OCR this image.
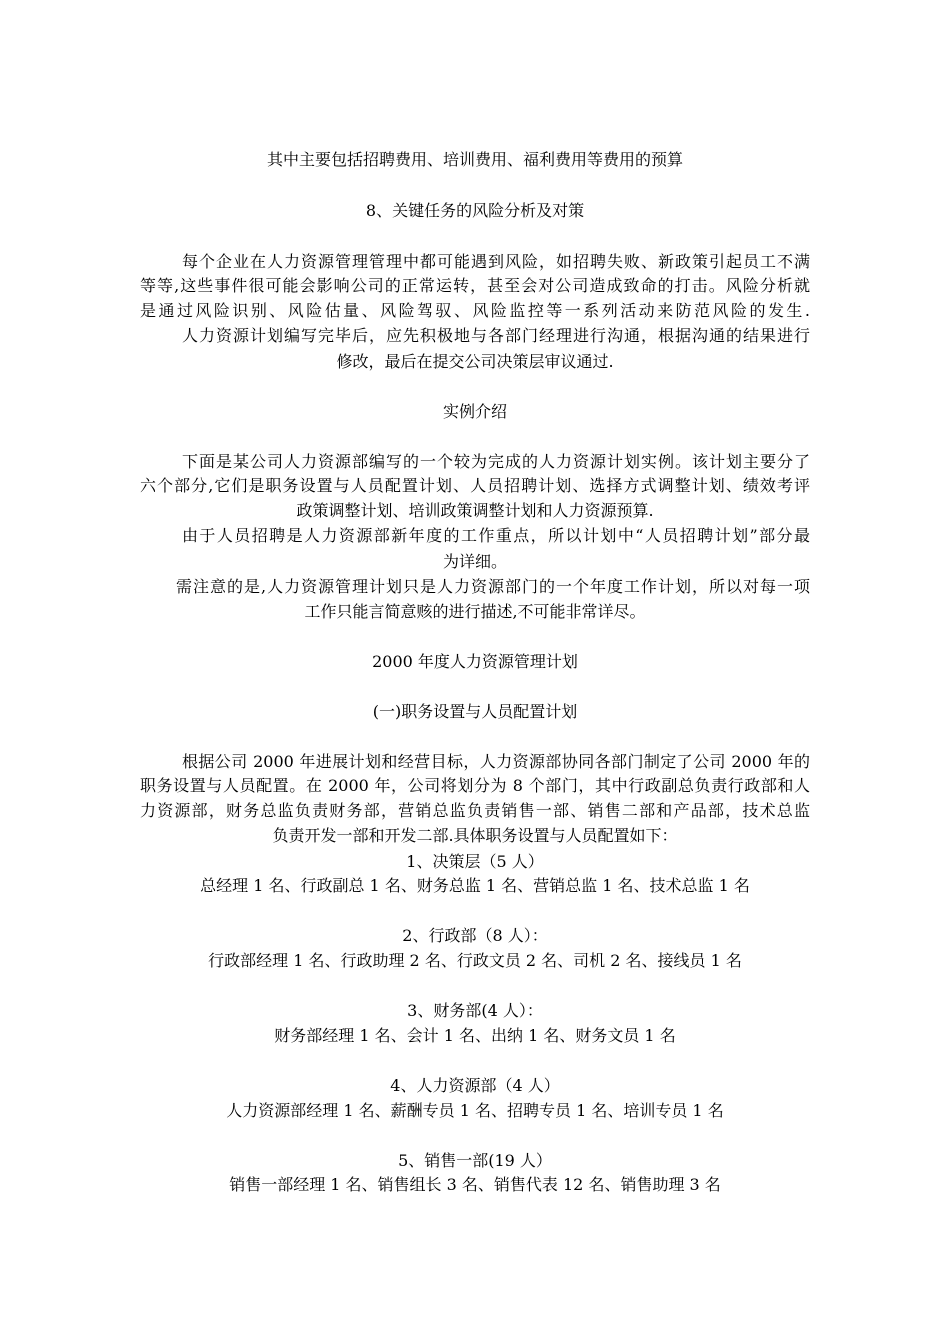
其中主要包括招聘费用、培训费用、福利费用等费用的预算
8、关键任务的风险分析及对策
每个企业在人力资源管理管理中都可能遇到风险，如招聘失败、新政策引起员工不满
等等,这些事件很可能会影响公司的正常运转，甚至会对公司造成致命的打击。风险分析就
是通过风险识别、风险估量、风险驾驭、风险监控等一系列活动来防范风险的发生.
人力资源计划编写完毕后，应先积极地与各部门经理进行沟通，根据沟通的结果进行
修改，最后在提交公司决策层审议通过.
实例介绍
下面是某公司人力资源部编写的一个较为完成的人力资源计划实例。该计划主要分了
六个部分,它们是职务设置与人员配置计划、人员招聘计划、选择方式调整计划、绩效考评
政策调整计划、培训政策调整计划和人力资源预算.
由于人员招聘是人力资源部新年度的工作重点，所以计划中“人员招聘计划”部分最
为详细。
需注意的是,人力资源管理计划只是人力资源部门的一个年度工作计划，所以对每一项
工作只能言简意赅的进行描述,不可能非常详尽。
2000 年度人力资源管理计划
(一)职务设置与人员配置计划
根据公司 2000 年进展计划和经营目标，人力资源部协同各部门制定了公司 2000 年的
职务设置与人员配置。在 2000 年，公司将划分为 8 个部门，其中行政副总负责行政部和人
力资源部，财务总监负责财务部，营销总监负责销售一部、销售二部和产品部，技术总监
负责开发一部和开发二部.具体职务设置与人员配置如下：
1、决策层（5 人）
总经理 1 名、行政副总 1 名、财务总监 1 名、营销总监 1 名、技术总监 1 名
2、行政部（8 人）：
行政部经理 1 名、行政助理 2 名、行政文员 2 名、司机 2 名、接线员 1 名
3、财务部(4 人）：
财务部经理 1 名、会计 1 名、出纳 1 名、财务文员 1 名
4、人力资源部（4 人）
人力资源部经理 1 名、薪酬专员 1 名、招聘专员 1 名、培训专员 1 名
5、销售一部(19 人）
销售一部经理 1 名、销售组长 3 名、销售代表 12 名、销售助理 3 名
